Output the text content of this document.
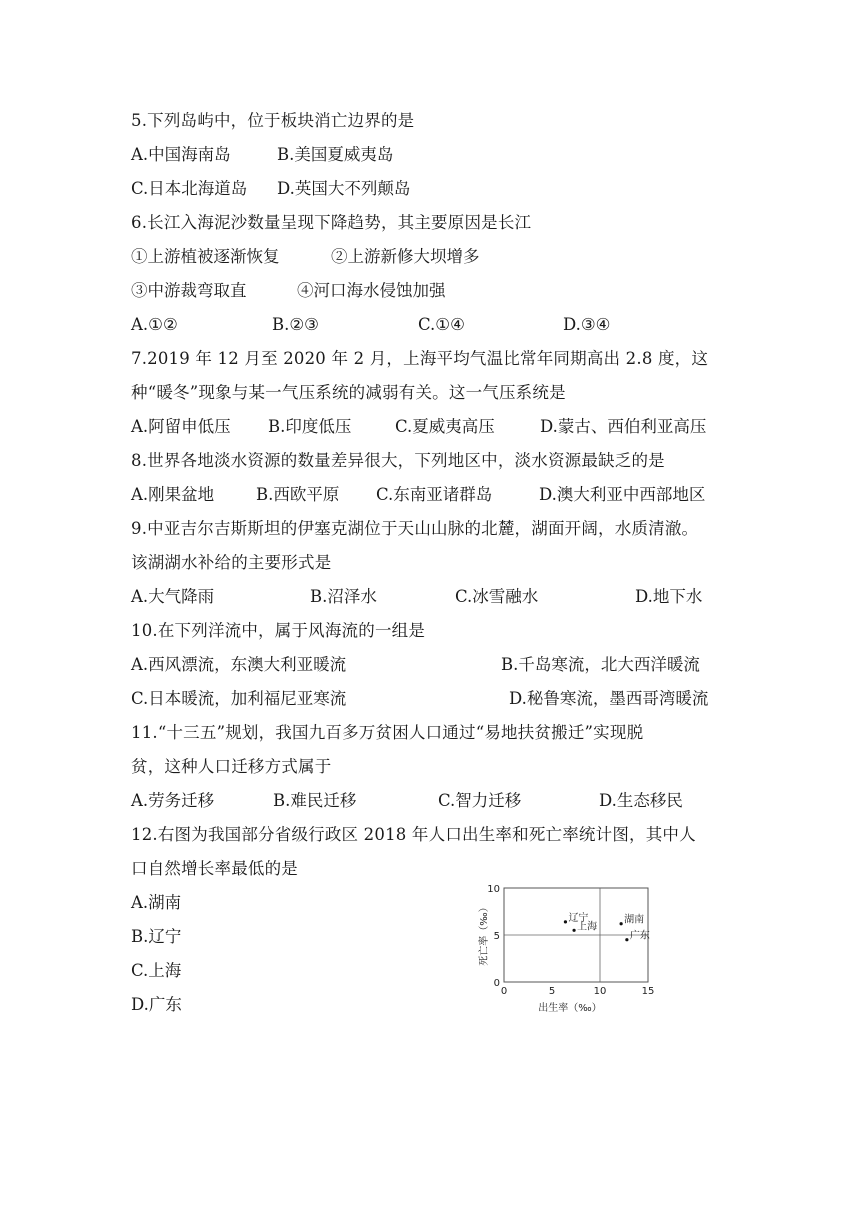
5.下列岛屿中，位于板块消亡边界的是
A.中国海南岛	B.美国夏威夷岛
C.日本北海道岛 D.英国大不列颠岛
6.长江入海泥沙数量呈现下降趋势，其主要原因是长江
①上游植被逐渐恢复	②上游新修大坝增多
③中游裁弯取直	④河口海水侵蚀加强
A.①②	B.②③	C.①④	D.③④
7.2019 年 12 月至 2020 年 2 月，上海平均气温比常年同期高出 2.8 度，这
种“暖冬”现象与某一气压系统的减弱有关。这一气压系统是
A.阿留申低压 B.印度低压	C.夏威夷高压	D.蒙古、西伯利亚高压
8.世界各地淡水资源的数量差异很大，下列地区中，淡水资源最缺乏的是
A.刚果盆地	B.西欧平原 C.东南亚诸群岛	D.澳大利亚中西部地区
9.中亚吉尔吉斯斯坦的伊塞克湖位于天山山脉的北麓，湖面开阔，水质清澈。
该湖湖水补给的主要形式是
A.大气降雨	B.沼泽水	C.冰雪融水	D.地下水
10.在下列洋流中，属于风海流的一组是
A.西风漂流，东澳大利亚暖流	B.千岛寒流，北大西洋暖流
C.日本暖流，加利福尼亚寒流	D.秘鲁寒流，墨西哥湾暖流
11.“十三五”规划，我国九百多万贫困人口通过“易地扶贫搬迁”实现脱
贫，这种人口迁移方式属于
A.劳务迁移	B.难民迁移	C.智力迁移	D.生态移民
12.右图为我国部分省级行政区 2018 年人口出生率和死亡率统计图，其中人
口自然增长率最低的是
A.湖南
B.辽宁
C.上海
D.广东
0	5	10	15
0
5
10
辽宁
上海
湖南
广东
出生率（‰）
死亡率（‰）
